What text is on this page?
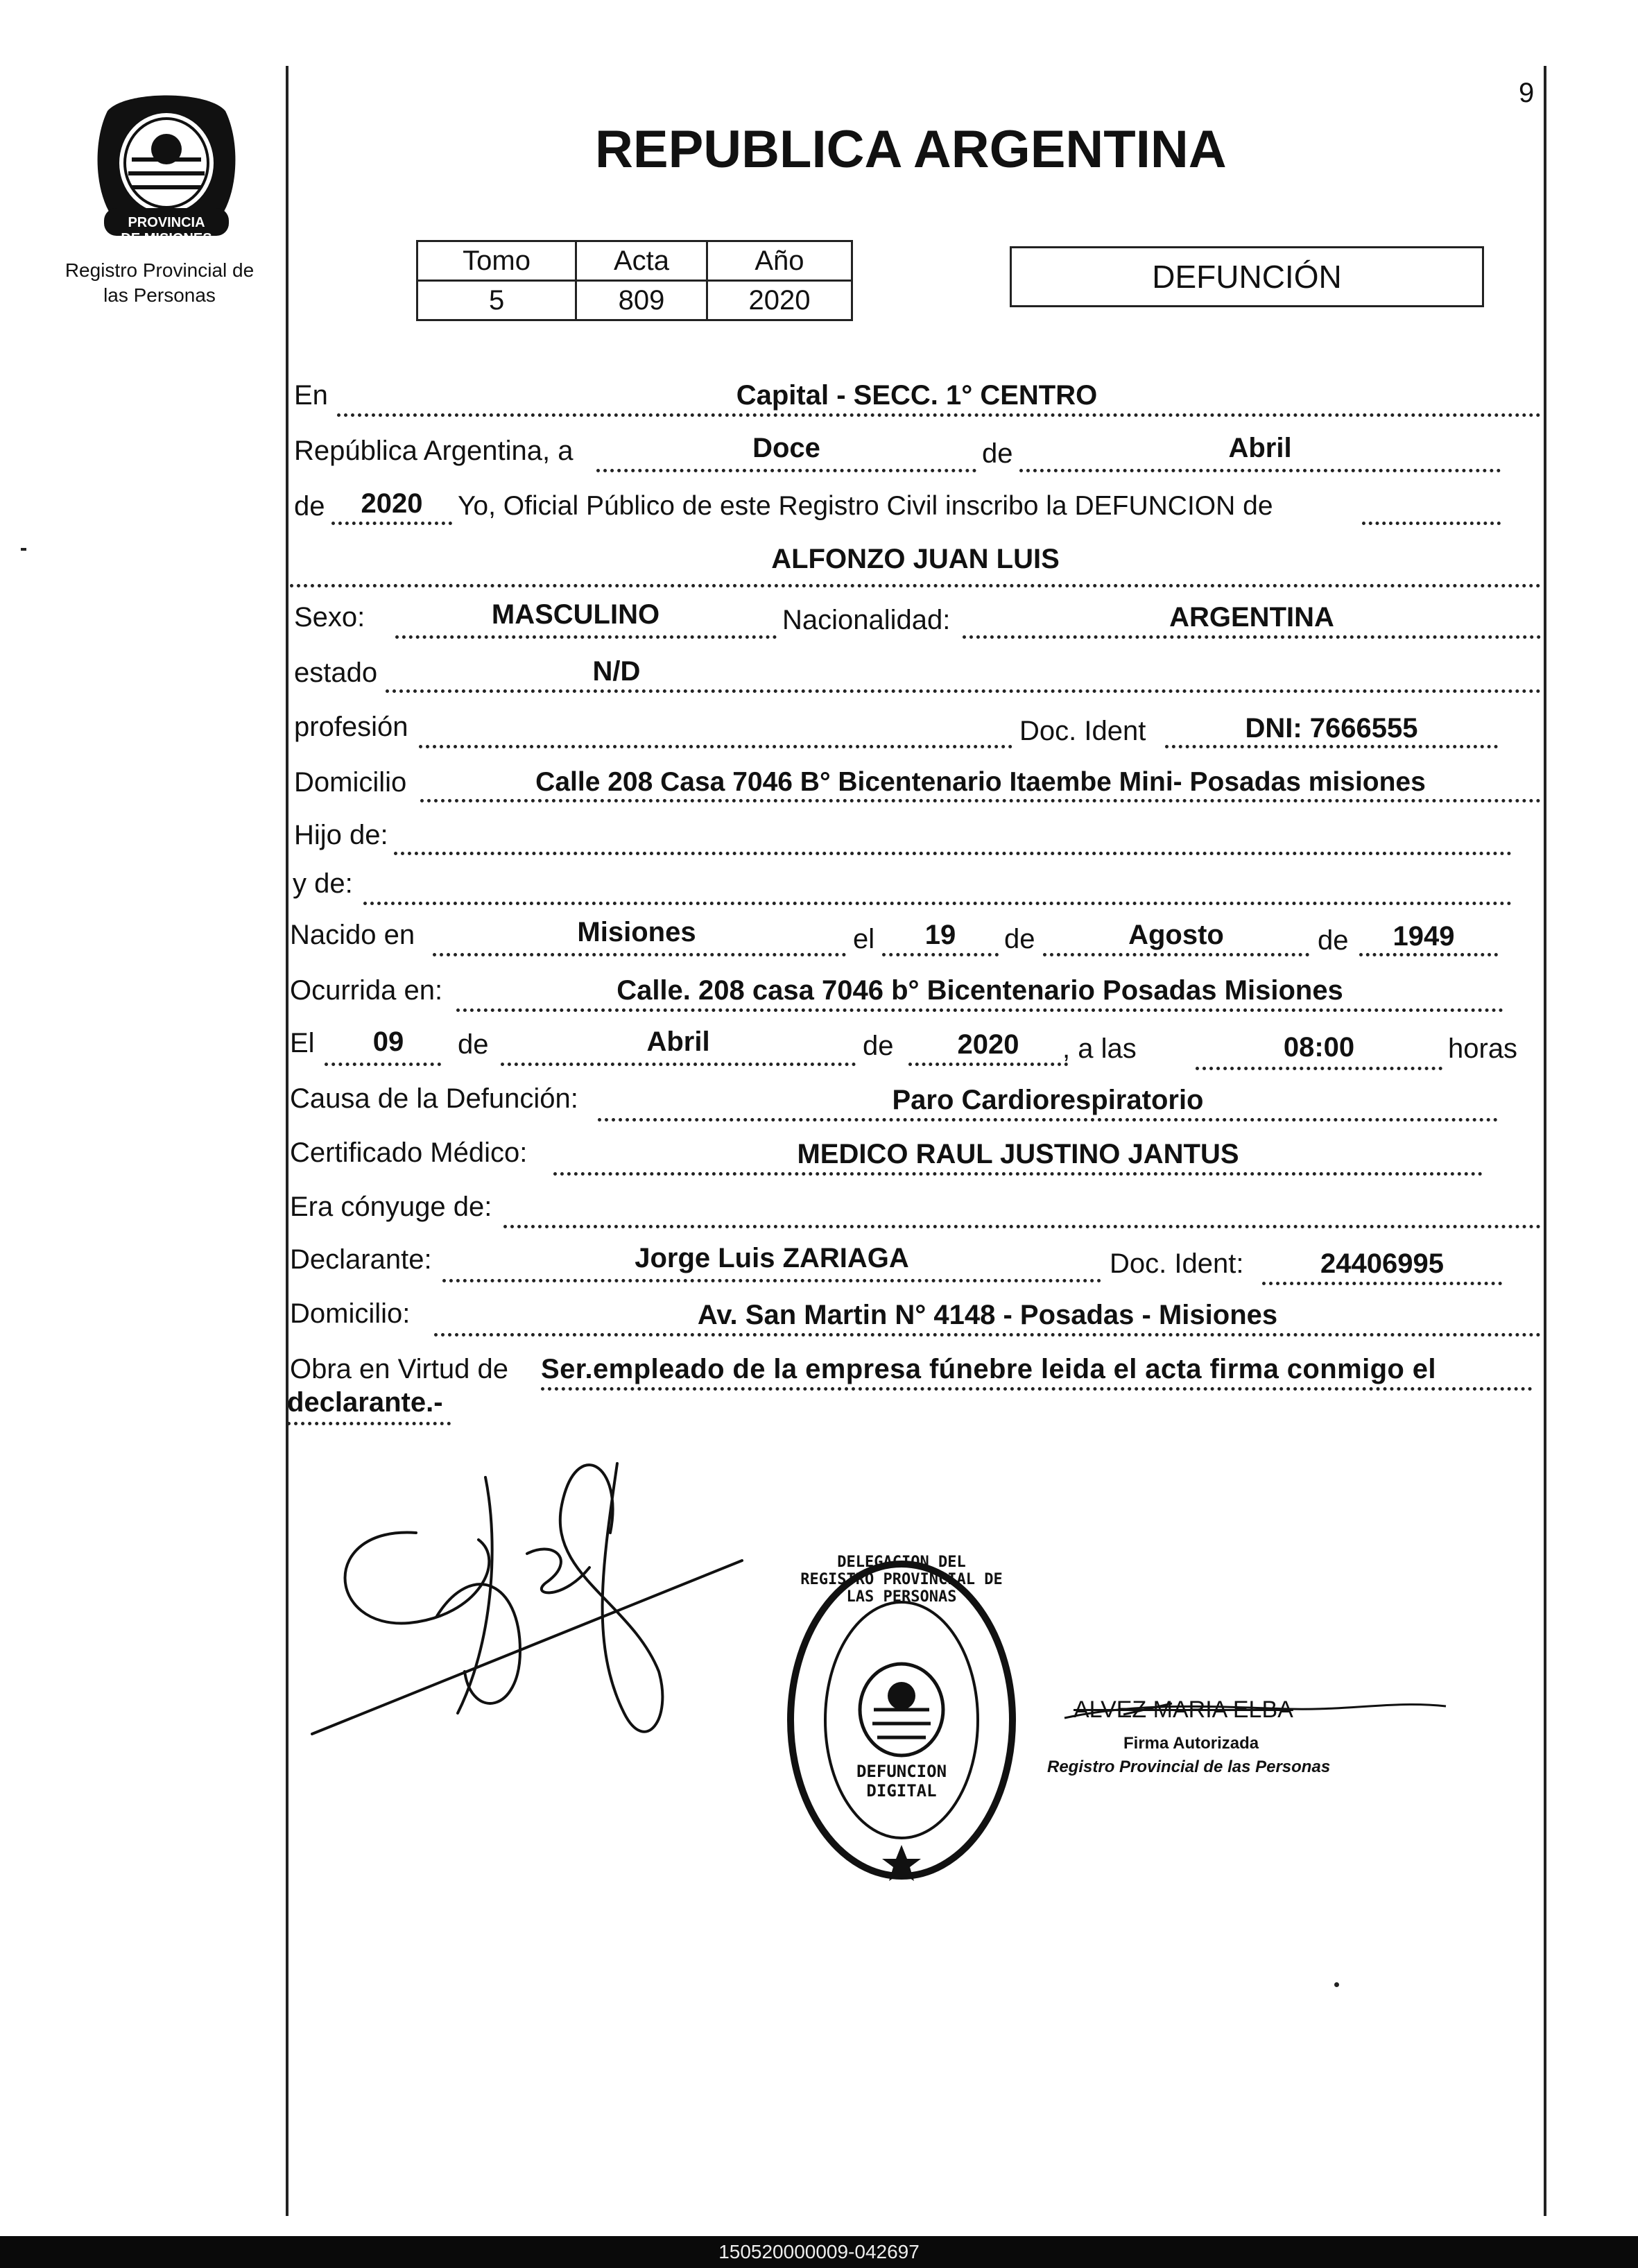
9
PROVINCIA DE MISIONES
Registro Provincial de
las Personas
REPUBLICA ARGENTINA
Tomo	Acta	Año
5	809	2020
DEFUNCIÓN
En	Capital - SECC. 1° CENTRO
República Argentina, a	Doce	de	Abril
de	2020	Yo, Oficial Público de este Registro Civil inscribo la DEFUNCION de
ALFONZO JUAN LUIS
Sexo:	MASCULINO	Nacionalidad:	ARGENTINA
estado	N/D
profesión	Doc. Ident	DNI: 7666555
Domicilio	Calle 208 Casa 7046 B° Bicentenario Itaembe Mini- Posadas misiones
Hijo de:
y de:
Nacido en	Misiones	el	19	de	Agosto	de	1949
Ocurrida en:	Calle. 208 casa 7046 b° Bicentenario Posadas Misiones
El	09	de	Abril	de	2020	, a las	08:00	horas
Causa de la Defunción:	Paro Cardiorespiratorio
Certificado Médico:	MEDICO RAUL JUSTINO JANTUS
Era cónyuge de:
Declarante:	Jorge Luis ZARIAGA	Doc. Ident:	24406995
Domicilio:	Av. San Martin N° 4148 - Posadas - Misiones
Obra en Virtud de Ser.empleado de la empresa fúnebre leida el acta firma conmigo el
declarante.-
DELEGACION DEL REGISTRO PROVINCIAL DE LAS PERSONAS
DEFUNCION DIGITAL
ALVEZ MARIA ELBA
Firma Autorizada
Registro Provincial de las Personas
150520000009-042697
